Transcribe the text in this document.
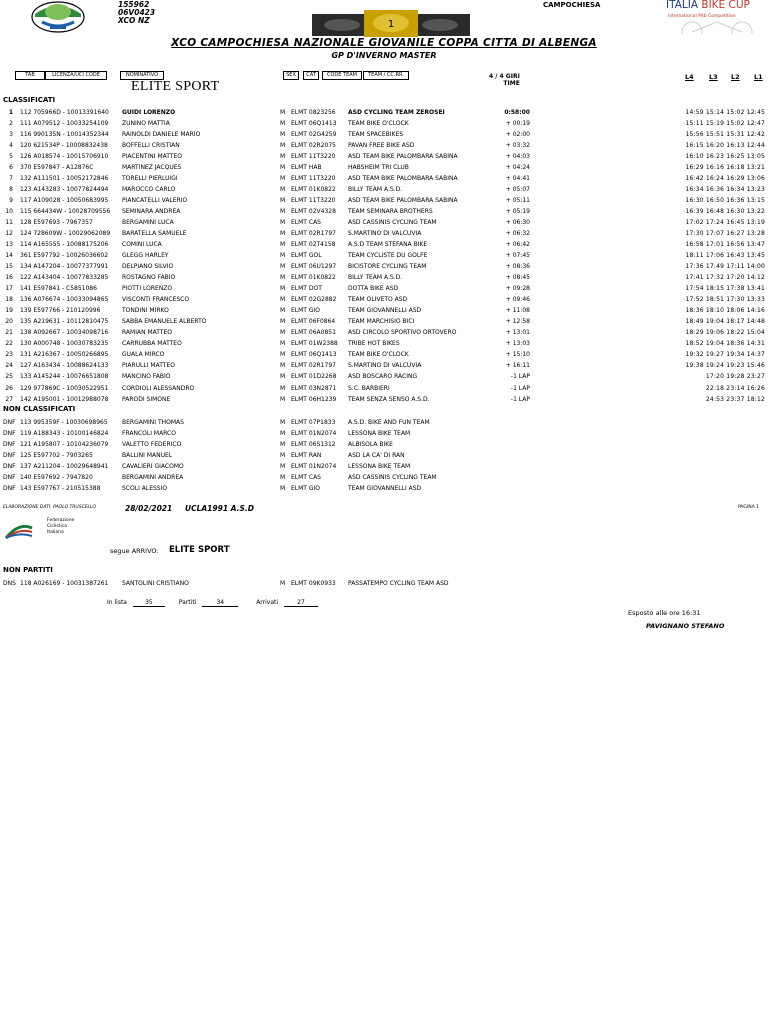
155962
06V0423
XCO NZ	1
CAMPOCHIESA	ITALIA BIKE CUP
International Mtb Competition
XCO CAMPOCHIESA NAZIONALE GIOVANILE COPPA CITTA DI ALBENGA
GP D'INVERNO MASTER
TAB	LICENZA/UCI CODE	NOMINATIVO	SEX	CAT	CODE TEAM	TEAM / CC.RR.	4 / 4 GIRI
TIME
L4 L3 L2 L1
ELITE SPORT
CLASSIFICATI
1 112 705966D - 10013391640 GUIDI LORENZO	M ELMT 0823256 ASD CYCLING TEAM ZEROSEI	0:58:00	14:59 15:14 15:02 12:45
2 111 A079512 - 10033254109 ZUNINO MATTIA	M ELMT 06Q1413 TEAM BIKE O'CLOCK	+ 00:19	15:11 15:19 15:02 12:47
3 116 990135N - 10014352344 RAINOLDI DANIELE MARIO	M ELMT 02G4259 TEAM SPACEBIKES	+ 02:00	15:56 15:51 15:31 12:42
4 120 621534P - 10008832438 BOFFELLI CRISTIAN	M ELMT 02R2075 PAVAN FREE BIKE ASD	+ 03:32	16:15 16:20 16:13 12:44
5 126 A018574 - 10015706910 PIACENTINI MATTEO	M ELMT 11T3220 ASD TEAM BIKE PALOMBARA SABINA	+ 04:03	16:10 16:23 16:25 13:05
6 370 E597847 - A12876C	MARTINEZ JACQUES	M ELMT HAB	HABSHEIM TRI CLUB	+ 04:24	16:29 16:16 16:18 13:21
7 132 A111501 - 10052172846 TORELLI PIERLUIGI	M ELMT 11T3220 ASD TEAM BIKE PALOMBARA SABINA	+ 04:41	16:42 16:24 16:29 13:06
8 123 A143283 - 10077824494 MAROCCO CARLO	M ELMT 01K0822 BILLY TEAM A.S.D.	+ 05:07	16:34 16:36 16:34 13:23
9 117 A109028 - 10050683995 PIANCATELLI VALERIO	M ELMT 11T3220 ASD TEAM BIKE PALOMBARA SABINA	+ 05:11	16:30 16:50 16:36 13:15
10 115 664434W - 10028709556 SEMINARA ANDREA	M ELMT 02V4328 TEAM SEMINARA BROTHERS	+ 05:19	16:39 16:48 16:30 13:22
11 128 E597693 - 7967357	BERGAMINI LUCA	M ELMT CAS	ASD CASSINIS CYCLING TEAM	+ 06:30	17:02 17:24 16:45 13:19
12 124 728609W - 10029062089 BARATELLA SAMUELE	M ELMT 02R1797 S.MARTINO DI VALCUVIA	+ 06:32	17:30 17:07 16:27 13:28
13 114 A165555 - 10088175206 COMINI LUCA	M ELMT 02T4158 A.S.D TEAM STEFANA BIKE	+ 06:42	16:58 17:01 16:56 13:47
14 361 E597792 - 10026036602 GLEGG HARLEY	M ELMT GOL	TEAM CYCLISTE DU GOLFE	+ 07:45	18:11 17:06 16:43 13:45
15 134 A147204 - 10077377991 DELPIANO SILVIO	M ELMT 06U1297 BICISTORE CYCLING TEAM	+ 08:36	17:36 17:49 17:11 14:00
16 122 A143404 - 10077833285 ROSTAGNO FABIO	M ELMT 01K0822 BILLY TEAM A.S.D.	+ 08:45	17:41 17:32 17:20 14:12
17 141 E597841 - C5851086	PIOTTI LORENZO	M ELMT DOT	DOTTA BIKE ASD	+ 09:28	17:54 18:15 17:38 13:41
18 136 A076674 - 10033094865 VISCONTI FRANCESCO	M ELMT 02G2882 TEAM OLIVETO ASD	+ 09:46	17:52 18:51 17:30 13:33
19 139 E597766 - 210120996	TONDINI MIRKO	M ELMT GIO	TEAM GIOVANNELLI ASD	+ 11:08	18:36 18:10 18:06 14:16
20 135 A219631 - 10112810475 SABBA EMANUELE ALBERTO	M ELMT 06F0864 TEAM MARCHISIO BICI	+ 12:58	18:49 19:04 18:17 14:48
21 138 A092667 - 10034098716 RAMIAN MATTEO	M ELMT 06A0851 ASD CIRCOLO SPORTIVO ORTOVERO	+ 13:01	18:29 19:06 18:22 15:04
22 130 A000748 - 10030783235 CARRUBBA MATTEO	M ELMT 01W2388 TRIBE HOT BIKES	+ 13:03	18:52 19:04 18:36 14:31
23 131 A216367 - 10050266895 GUALA MIRCO	M ELMT 06Q1413 TEAM BIKE O'CLOCK	+ 15:10	19:32 19:27 19:34 14:37
24 127 A163434 - 10088624133 PIARULLI MATTEO	M ELMT 02R1797 S.MARTINO DI VALCUVIA	+ 16:11	19:38 19:24 19:23 15:46
25 133 A145244 - 10076651808 MANCINO FABIO	M ELMT 01D2268 ASD BOSCARO RACING	-1 LAP	17:20 19:28 23:27
26 129 977869C - 10030522951 CORDIOLI ALESSANDRO	M ELMT 03N2871 S.C. BARBIERI	-1 LAP	22:18 23:14 16:26
27 142 A195001 - 10012988078 PARODI SIMONE	M ELMT 06H1239 TEAM SENZA SENSO A.S.D.	-1 LAP	24:53 23:37 18:12
NON CLASSIFICATI
DNF 113 995359F - 10030698965 BERGAMINI THOMAS	M ELMT 07P1833 A.S.D. BIKE AND FUN TEAM
DNF 119 A188343 - 10100146824 FRANCOLI MARCO	M ELMT 01N2074 LESSONA BIKE TEAM
DNF 121 A195807 - 10104236079 VALETTO FEDERICO	M ELMT 06S1312 ALBISOLA BIKE
DNF 125 E597702 - 7903265	BALLINI MANUEL	M ELMT RAN	ASD LA CA' DI RAN
DNF 137 A211204 - 10029648941 CAVALIERI GIACOMO	M ELMT 01N2074 LESSONA BIKE TEAM
DNF 140 E597692 - 7947820	BERGAMINI ANDREA	M ELMT CAS	ASD CASSINIS CYCLING TEAM
DNF 143 E597767 - 210515388	SCOLI ALESSIO	M ELMT GIO	TEAM GIOVANNELLI ASD
ELABORAZIONE DATI: PAOLO TRUSCELLO	28/02/2021 UCLA1991 A.S.D	PAGINA 1
Federazione
Ciclistica
Italiana
segue ARRIVO: ELITE SPORT
NON PARTITI
DNS 118 A026169 - 10031387261 SANTOLINI CRISTIANO	M ELMT 09K0933 PASSATEMPO CYCLING TEAM ASD
In lista	35	Partiti	34	Arrivati	27
Esposto alle ore 16:31
PAVIGNANO STEFANO
